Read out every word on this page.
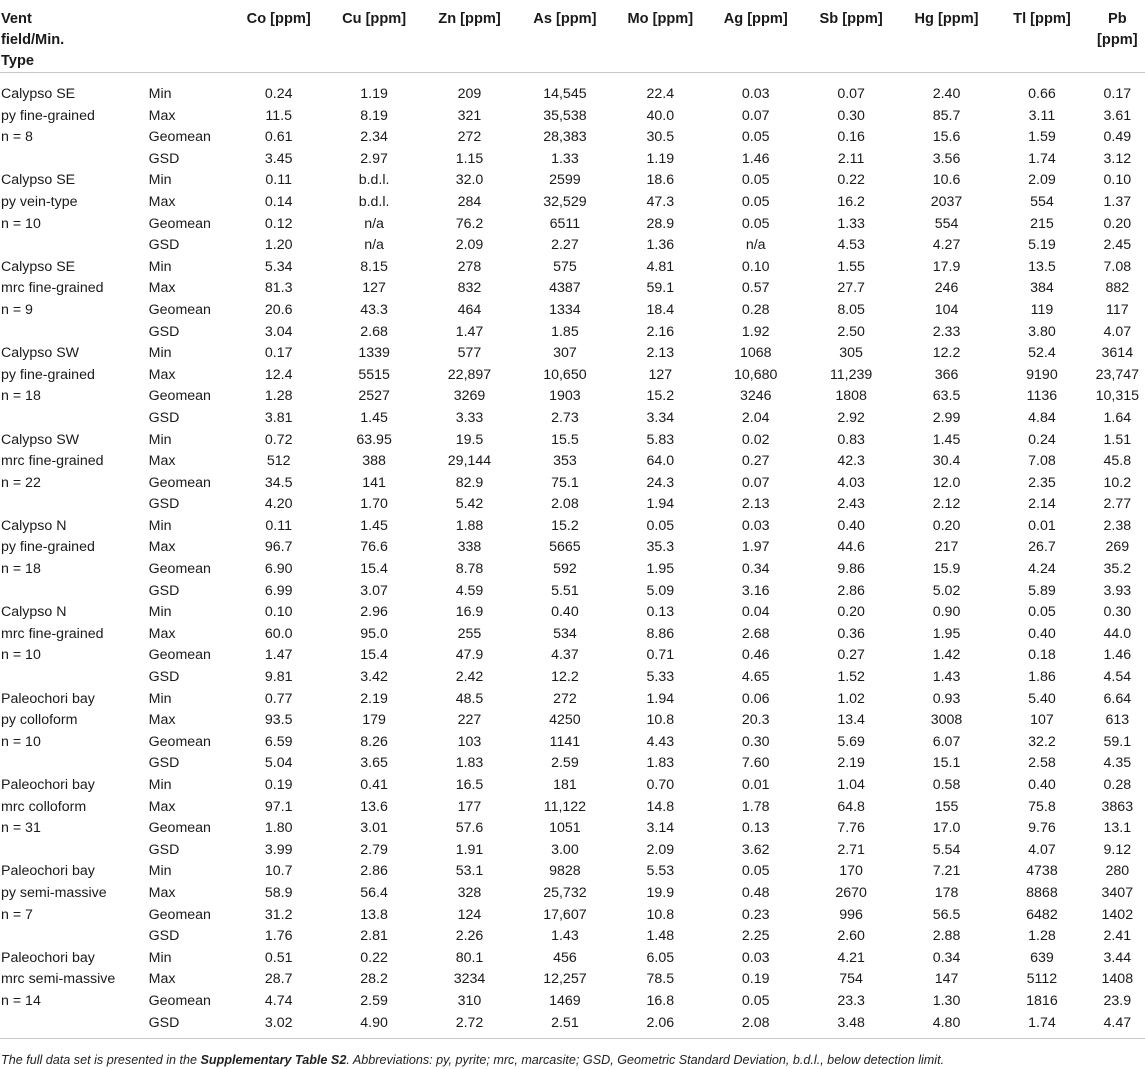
Vent
field/Min.
Type		Co [ppm]	Cu [ppm]	Zn [ppm]	As [ppm]	Mo [ppm]	Ag [ppm]	Sb [ppm]	Hg [ppm]	Tl [ppm]	Pb [ppm]
Calypso SE	Min	0.24	1.19	209	14,545	22.4	0.03	0.07	2.40	0.66	0.17
py fine-grained	Max	11.5	8.19	321	35,538	40.0	0.07	0.30	85.7	3.11	3.61
n = 8	Geomean	0.61	2.34	272	28,383	30.5	0.05	0.16	15.6	1.59	0.49
	GSD	3.45	2.97	1.15	1.33	1.19	1.46	2.11	3.56	1.74	3.12
Calypso SE	Min	0.11	b.d.l.	32.0	2599	18.6	0.05	0.22	10.6	2.09	0.10
py vein-type	Max	0.14	b.d.l.	284	32,529	47.3	0.05	16.2	2037	554	1.37
n = 10	Geomean	0.12	n/a	76.2	6511	28.9	0.05	1.33	554	215	0.20
	GSD	1.20	n/a	2.09	2.27	1.36	n/a	4.53	4.27	5.19	2.45
Calypso SE	Min	5.34	8.15	278	575	4.81	0.10	1.55	17.9	13.5	7.08
mrc fine-grained	Max	81.3	127	832	4387	59.1	0.57	27.7	246	384	882
n = 9	Geomean	20.6	43.3	464	1334	18.4	0.28	8.05	104	119	117
	GSD	3.04	2.68	1.47	1.85	2.16	1.92	2.50	2.33	3.80	4.07
Calypso SW	Min	0.17	1339	577	307	2.13	1068	305	12.2	52.4	3614
py fine-grained	Max	12.4	5515	22,897	10,650	127	10,680	11,239	366	9190	23,747
n = 18	Geomean	1.28	2527	3269	1903	15.2	3246	1808	63.5	1136	10,315
	GSD	3.81	1.45	3.33	2.73	3.34	2.04	2.92	2.99	4.84	1.64
Calypso SW	Min	0.72	63.95	19.5	15.5	5.83	0.02	0.83	1.45	0.24	1.51
mrc fine-grained	Max	512	388	29,144	353	64.0	0.27	42.3	30.4	7.08	45.8
n = 22	Geomean	34.5	141	82.9	75.1	24.3	0.07	4.03	12.0	2.35	10.2
	GSD	4.20	1.70	5.42	2.08	1.94	2.13	2.43	2.12	2.14	2.77
Calypso N	Min	0.11	1.45	1.88	15.2	0.05	0.03	0.40	0.20	0.01	2.38
py fine-grained	Max	96.7	76.6	338	5665	35.3	1.97	44.6	217	26.7	269
n = 18	Geomean	6.90	15.4	8.78	592	1.95	0.34	9.86	15.9	4.24	35.2
	GSD	6.99	3.07	4.59	5.51	5.09	3.16	2.86	5.02	5.89	3.93
Calypso N	Min	0.10	2.96	16.9	0.40	0.13	0.04	0.20	0.90	0.05	0.30
mrc fine-grained	Max	60.0	95.0	255	534	8.86	2.68	0.36	1.95	0.40	44.0
n = 10	Geomean	1.47	15.4	47.9	4.37	0.71	0.46	0.27	1.42	0.18	1.46
	GSD	9.81	3.42	2.42	12.2	5.33	4.65	1.52	1.43	1.86	4.54
Paleochori bay	Min	0.77	2.19	48.5	272	1.94	0.06	1.02	0.93	5.40	6.64
py colloform	Max	93.5	179	227	4250	10.8	20.3	13.4	3008	107	613
n = 10	Geomean	6.59	8.26	103	1141	4.43	0.30	5.69	6.07	32.2	59.1
	GSD	5.04	3.65	1.83	2.59	1.83	7.60	2.19	15.1	2.58	4.35
Paleochori bay	Min	0.19	0.41	16.5	181	0.70	0.01	1.04	0.58	0.40	0.28
mrc colloform	Max	97.1	13.6	177	11,122	14.8	1.78	64.8	155	75.8	3863
n = 31	Geomean	1.80	3.01	57.6	1051	3.14	0.13	7.76	17.0	9.76	13.1
	GSD	3.99	2.79	1.91	3.00	2.09	3.62	2.71	5.54	4.07	9.12
Paleochori bay	Min	10.7	2.86	53.1	9828	5.53	0.05	170	7.21	4738	280
py semi-massive	Max	58.9	56.4	328	25,732	19.9	0.48	2670	178	8868	3407
n = 7	Geomean	31.2	13.8	124	17,607	10.8	0.23	996	56.5	6482	1402
	GSD	1.76	2.81	2.26	1.43	1.48	2.25	2.60	2.88	1.28	2.41
Paleochori bay	Min	0.51	0.22	80.1	456	6.05	0.03	4.21	0.34	639	3.44
mrc semi-massive	Max	28.7	28.2	3234	12,257	78.5	0.19	754	147	5112	1408
n = 14	Geomean	4.74	2.59	310	1469	16.8	0.05	23.3	1.30	1816	23.9
	GSD	3.02	4.90	2.72	2.51	2.06	2.08	3.48	4.80	1.74	4.47
The full data set is presented in the Supplementary Table S2. Abbreviations: py, pyrite; mrc, marcasite; GSD, Geometric Standard Deviation, b.d.l., below detection limit.
